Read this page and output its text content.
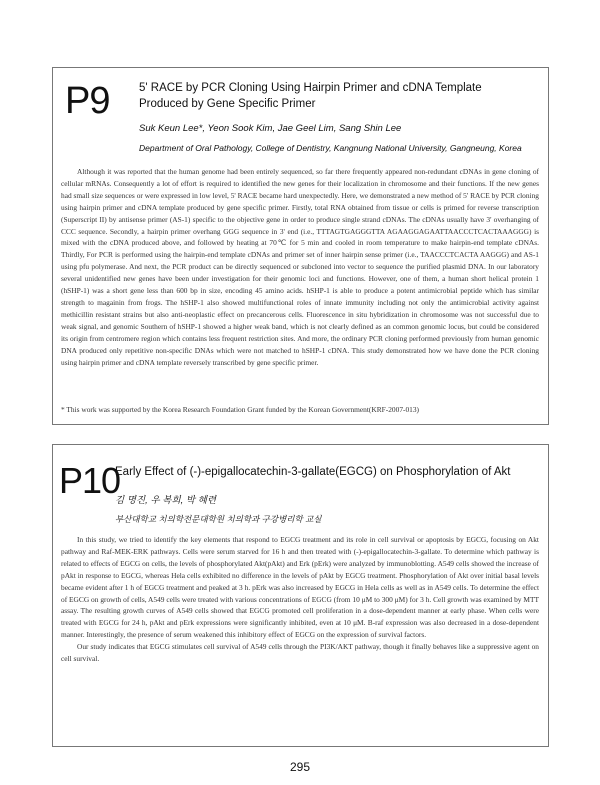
P9	5' RACE by PCR Cloning Using Hairpin Primer and cDNA Template Produced by Gene Specific Primer
Suk Keun Lee*, Yeon Sook Kim, Jae Geel Lim, Sang Shin Lee
Department of Oral Pathology, College of Dentistry, Kangnung National University, Gangneung, Korea

Although it was reported that the human genome had been entirely sequenced, so far there frequently appeared non-redundant cDNAs in gene cloning of cellular mRNAs. Consequently a lot of effort is required to identified the new genes for their localization in chromosome and their functions. If the new genes had small size sequences or were expressed in low level, 5' RACE became hard unexpectedly. Here, we demonstrated a new method of 5' RACE by PCR cloning using hairpin primer and cDNA template produced by gene specific primer. Firstly, total RNA obtained from tissue or cells is primed for reverse transcription (Superscript II) by antisense primer (AS-1) specific to the objective gene in order to produce single strand cDNAs. The cDNAs usually have 3' overhanging of CCC sequence. Secondly, a hairpin primer overhang GGG sequence in 3' end (i.e., TTTAGTGAGGGTTA AGAAGGAGAATTAACCCTCACTAAAGGG) is mixed with the cDNA produced above, and followed by heating at 70℃ for 5 min and cooled in room temperature to make hairpin-end template cDNAs. Thirdly, For PCR is performed using the hairpin-end template cDNAs and primer set of inner hairpin sense primer (i.e., TAACCCTCACTA AAGGG) and AS-1 using pfu polymerase. And next, the PCR product can be directly sequenced or subcloned into vector to sequence the purified plasmid DNA. In our laboratory several unidentified new genes have been under investigation for their genomic loci and functions. However, one of them, a human short helical protein 1 (hSHP-1) was a short gene less than 600 bp in size, encoding 45 amino acids. hSHP-1 is able to produce a potent antimicrobial peptide which has similar strength to magainin from frogs. The hSHP-1 also showed multifunctional roles of innate immunity including not only the antimicrobial activity against methicillin resistant strains but also anti-neoplastic effect on precancerous cells. Fluorescence in situ hybridization in chromosome was not successful due to weak signal, and genomic Southern of hSHP-1 showed a higher weak band, which is not clearly defined as an common genomic locus, but could be considered its origin from centromere region which contains less frequent restriction sites. And more, the ordinary PCR cloning performed previously from human genomic DNA produced only repetitive non-specific DNAs which were not matched to hSHP-1 cDNA. This study demonstrated how we have done the PCR cloning using hairpin primer and cDNA template reversely transcribed by gene specific primer.

* This work was supported by the Korea Research Foundation Grant funded by the Korean Government(KRF-2007-013)
P10
Early Effect of (-)-epigallocatechin-3-gallate(EGCG) on Phosphorylation of Akt
김 명진, 우 복희, 박 혜련
부산대학교 치의학전문대학원 치의학과 구강병리학 교실

In this study, we tried to identify the key elements that respond to EGCG treatment and its role in cell survival or apoptosis by EGCG, focusing on Akt pathway and Raf-MEK-ERK pathways. Cells were serum starved for 16 h and then treated with (-)-epigallocatechin-3-gallate. To determine which pathway is related to effects of EGCG on cells, the levels of phosphorylated Akt(pAkt) and Erk (pErk) were analyzed by immunoblotting. A549 cells showed the increase of pAkt in response to EGCG, whereas Hela cells exhibited no difference in the levels of pAkt by EGCG treatment. Phosphorylation of Akt over initial basal levels became evident after 1 h of EGCG treatment and peaked at 3 h. pErk was also increased by EGCG in Hela cells as well as in A549 cells. To determine the effect of EGCG on growth of cells, A549 cells were treated with various concentrations of EGCG (from 10 μM to 300 μM) for 3 h. Cell growth was examined by MTT assay. The resulting growth curves of A549 cells showed that EGCG promoted cell proliferation in a dose-dependent manner at early phase. When cells were treated with EGCG for 24 h, pAkt and pErk expressions were significantly inhibited, even at 10 μM. B-raf expression was also decreased in a dose-dependent manner. Interestingly, the presence of serum weakened this inhibitory effect of EGCG on the expression of survival factors.

Our study indicates that EGCG stimulates cell survival of A549 cells through the PI3K/AKT pathway, though it finally behaves like a suppressive agent on cell survival.

295
